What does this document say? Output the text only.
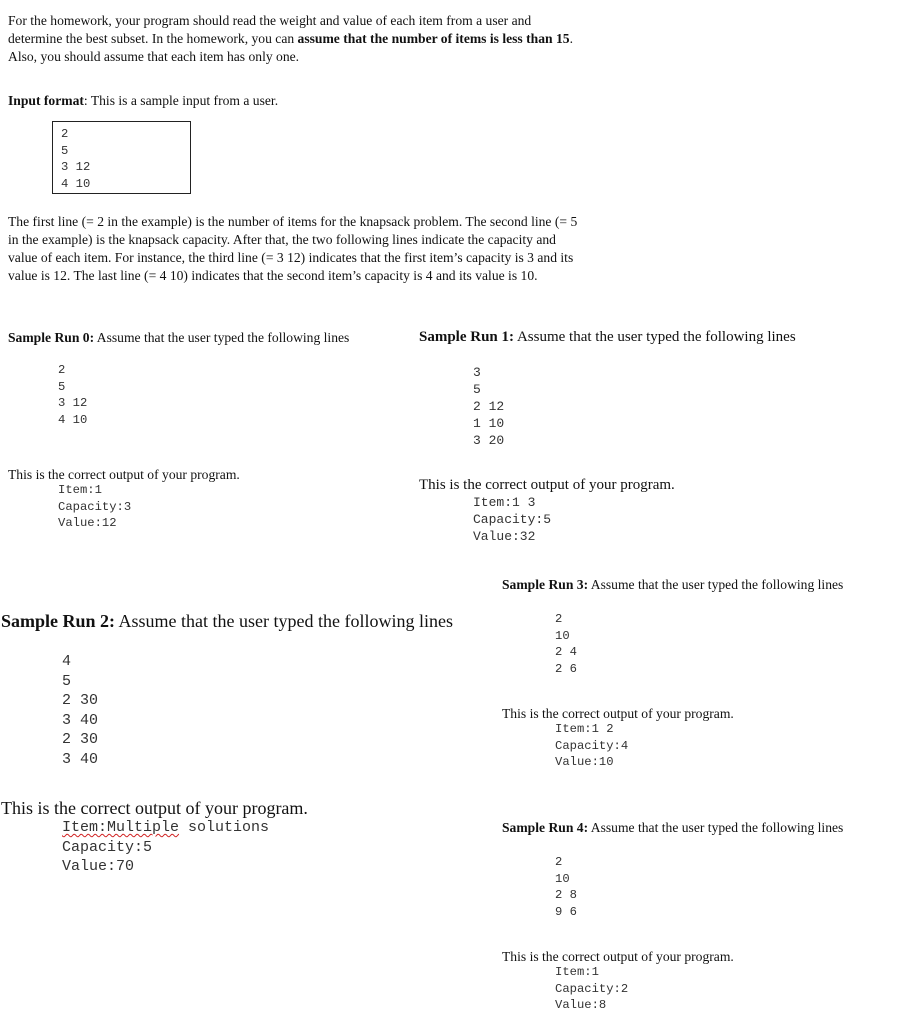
For the homework, your program should read the weight and value of each item from a user and

determine the best subset. In the homework, you can assume that the number of items is less than 15.

Also, you should assume that each item has only one.

Input format: This is a sample input from a user.
2
5
3 12
4 10

The first line (= 2 in the example) is the number of items for the knapsack problem. The second line (= 5

in the example) is the knapsack capacity. After that, the two following lines indicate the capacity and

value of each item. For instance, the third line (= 3 12) indicates that the first item’s capacity is 3 and its

value is 12. The last line (= 4 10) indicates that the second item’s capacity is 4 and its value is 10.

Sample Run 0: Assume that the user typed the following lines
2
5
3 12
4 10
This is the correct output of your program.
Item:1
Capacity:3
Value:12
Sample Run 1: Assume that the user typed the following lines
3
5
2 12
1 10
3 20
This is the correct output of your program.
Item:1 3
Capacity:5
Value:32
Sample Run 2: Assume that the user typed the following lines
4
5
2 30
3 40
2 30
3 40
This is the correct output of your program.
Item:Multiple solutions
Capacity:5
Value:70
Sample Run 3: Assume that the user typed the following lines
2
10
2 4
2 6
This is the correct output of your program.
Item:1 2
Capacity:4
Value:10
Sample Run 4: Assume that the user typed the following lines
2
10
2 8
9 6
This is the correct output of your program.
Item:1
Capacity:2
Value:8
